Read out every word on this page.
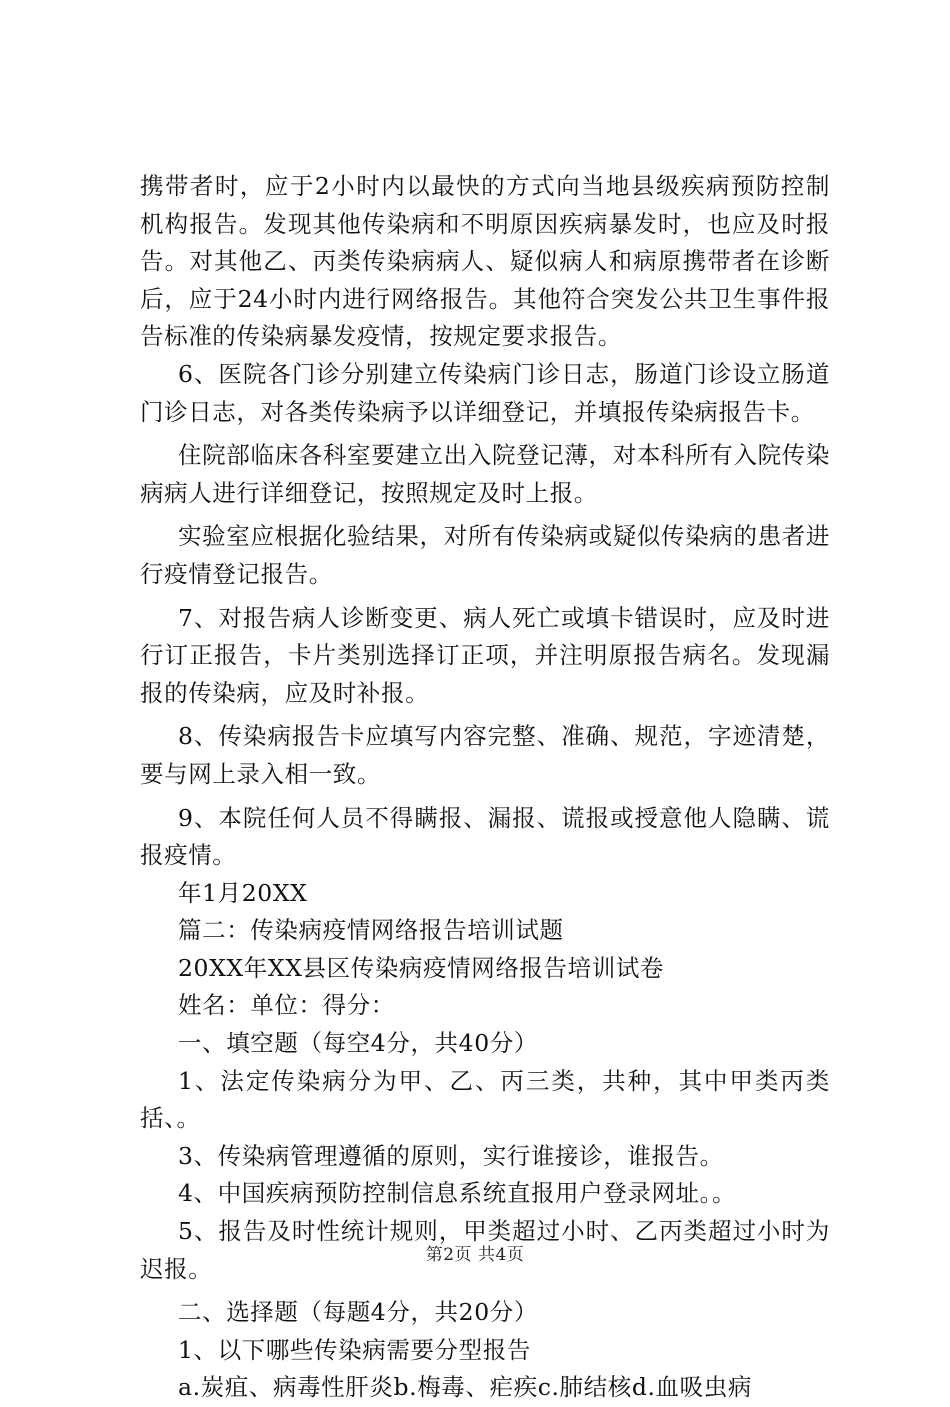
携带者时，应于2小时内以最快的方式向当地县级疾病预防控制机构报告。发现其他传染病和不明原因疾病暴发时，也应及时报告。对其他乙、丙类传染病病人、疑似病人和病原携带者在诊断后，应于24小时内进行网络报告。其他符合突发公共卫生事件报告标准的传染病暴发疫情，按规定要求报告。

6、医院各门诊分别建立传染病门诊日志，肠道门诊设立肠道门诊日志，对各类传染病予以详细登记，并填报传染病报告卡。

住院部临床各科室要建立出入院登记薄，对本科所有入院传染病病人进行详细登记，按照规定及时上报。

实验室应根据化验结果，对所有传染病或疑似传染病的患者进行疫情登记报告。

7、对报告病人诊断变更、病人死亡或填卡错误时，应及时进行订正报告，卡片类别选择订正项，并注明原报告病名。发现漏报的传染病，应及时补报。

8、传染病报告卡应填写内容完整、准确、规范，字迹清楚，要与网上录入相一致。

9、本院任何人员不得瞒报、漏报、谎报或授意他人隐瞒、谎报疫情。

年1月20XX

篇二：传染病疫情网络报告培训试题

20XX年XX县区传染病疫情网络报告培训试卷

姓名：单位：得分：

一、填空题（每空4分，共40分）

1、法定传染病分为甲、乙、丙三类，共种，其中甲类丙类括、。

3、传染病管理遵循的原则，实行谁接诊，谁报告。

4、中国疾病预防控制信息系统直报用户登录网址。。

5、报告及时性统计规则，甲类超过小时、乙丙类超过小时为迟报。

二、选择题（每题4分，共20分）

1、以下哪些传染病需要分型报告

a.炭疽、病毒性肝炎b.梅毒、疟疾c.肺结核d.血吸虫病

第2页 共4页
